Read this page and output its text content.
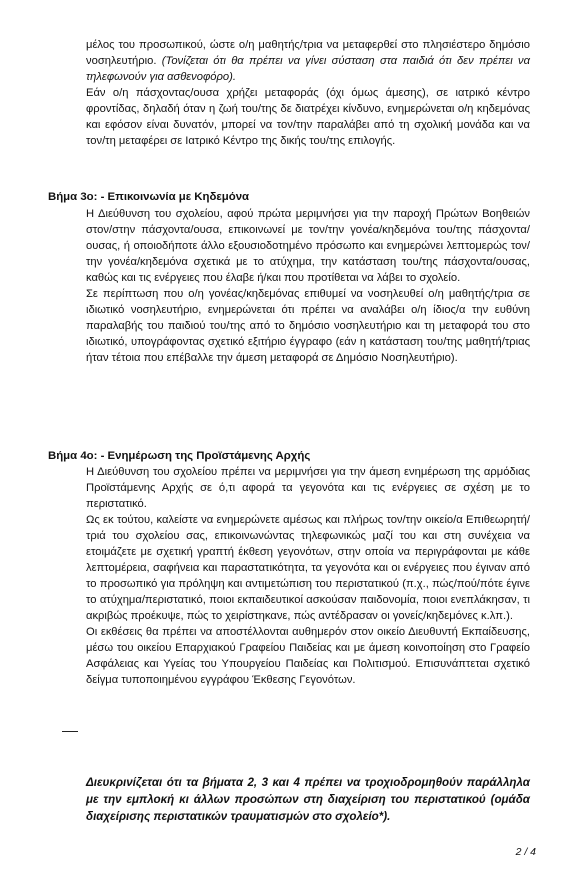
μέλος του προσωπικού, ώστε ο/η μαθητής/τρια να μεταφερθεί στο πλησιέστερο δημόσιο νοσηλευτήριο. (Τονίζεται ότι θα πρέπει να γίνει σύσταση στα παιδιά ότι δεν πρέπει να τηλεφωνούν για ασθενοφόρο).

Εάν ο/η πάσχοντας/ουσα χρήζει μεταφοράς (όχι όμως άμεσης), σε ιατρικό κέντρο φροντίδας, δηλαδή όταν η ζωή του/της δε διατρέχει κίνδυνο, ενημερώνεται ο/η κηδεμόνας και εφόσον είναι δυνατόν, μπορεί να τον/την παραλάβει από τη σχολική μονάδα και να τον/τη μεταφέρει σε Ιατρικό Κέντρο της δικής του/της επιλογής.

Βήμα 3ο: - Επικοινωνία με Κηδεμόνα

Η Διεύθυνση του σχολείου, αφού πρώτα μεριμνήσει για την παροχή Πρώτων Βοηθειών στον/στην πάσχοντα/ουσα, επικοινωνεί με τον/την γονέα/κηδεμόνα του/της πάσχοντα/ουσας, ή οποιοδήποτε άλλο εξουσιοδοτημένο πρόσωπο και ενημερώνει λεπτομερώς τον/την γονέα/κηδεμόνα σχετικά με το ατύχημα, την κατάσταση του/της πάσχοντα/ουσας, καθώς και τις ενέργειες που έλαβε ή/και που προτίθεται να λάβει το σχολείο.

Σε περίπτωση που ο/η γονέας/κηδεμόνας επιθυμεί να νοσηλευθεί ο/η μαθητής/τρια σε ιδιωτικό νοσηλευτήριο, ενημερώνεται ότι πρέπει να αναλάβει ο/η ίδιος/α την ευθύνη παραλαβής του παιδιού του/της από το δημόσιο νοσηλευτήριο και τη μεταφορά του στο ιδιωτικό, υπογράφοντας σχετικό εξιτήριο έγγραφο (εάν η κατάσταση του/της μαθητή/τριας ήταν τέτοια που επέβαλλε την άμεση μεταφορά σε Δημόσιο Νοσηλευτήριο).

Βήμα 4ο: - Ενημέρωση της Προϊστάμενης Αρχής

Η Διεύθυνση του σχολείου πρέπει να μεριμνήσει για την άμεση ενημέρωση της αρμόδιας Προϊστάμενης Αρχής σε ό,τι αφορά τα γεγονότα και τις ενέργειες σε σχέση με το περιστατικό.

Ως εκ τούτου, καλείστε να ενημερώνετε αμέσως και πλήρως τον/την οικείο/α Επιθεωρητή/τριά του σχολείου σας, επικοινωνώντας τηλεφωνικώς μαζί του και στη συνέχεια να ετοιμάζετε με σχετική γραπτή έκθεση γεγονότων, στην οποία να περιγράφονται με κάθε λεπτομέρεια, σαφήνεια και παραστατικότητα, τα γεγονότα και οι ενέργειες που έγιναν από το προσωπικό για πρόληψη και αντιμετώπιση του περιστατικού (π.χ., πώς/πού/πότε έγινε το ατύχημα/περιστατικό, ποιοι εκπαιδευτικοί ασκούσαν παιδονομία, ποιοι ενεπλάκησαν, τι ακριβώς προέκυψε, πώς το χειρίστηκανε, πώς αντέδρασαν οι γονείς/κηδεμόνες κ.λπ.).

Οι εκθέσεις θα πρέπει να αποστέλλονται αυθημερόν στον οικείο Διευθυντή Εκπαίδευσης, μέσω του οικείου Επαρχιακού Γραφείου Παιδείας και με άμεση κοινοποίηση στο Γραφείο Ασφάλειας και Υγείας του Υπουργείου Παιδείας και Πολιτισμού. Επισυνάπτεται σχετικό δείγμα τυποποιημένου εγγράφου Έκθεσης Γεγονότων.

Διευκρινίζεται ότι τα βήματα 2, 3 και 4 πρέπει να τροχιοδρομηθούν παράλληλα με την εμπλοκή κι άλλων προσώπων στη διαχείριση του περιστατικού (ομάδα διαχείρισης περιστατικών τραυματισμών στο σχολείο*).
2 / 4
